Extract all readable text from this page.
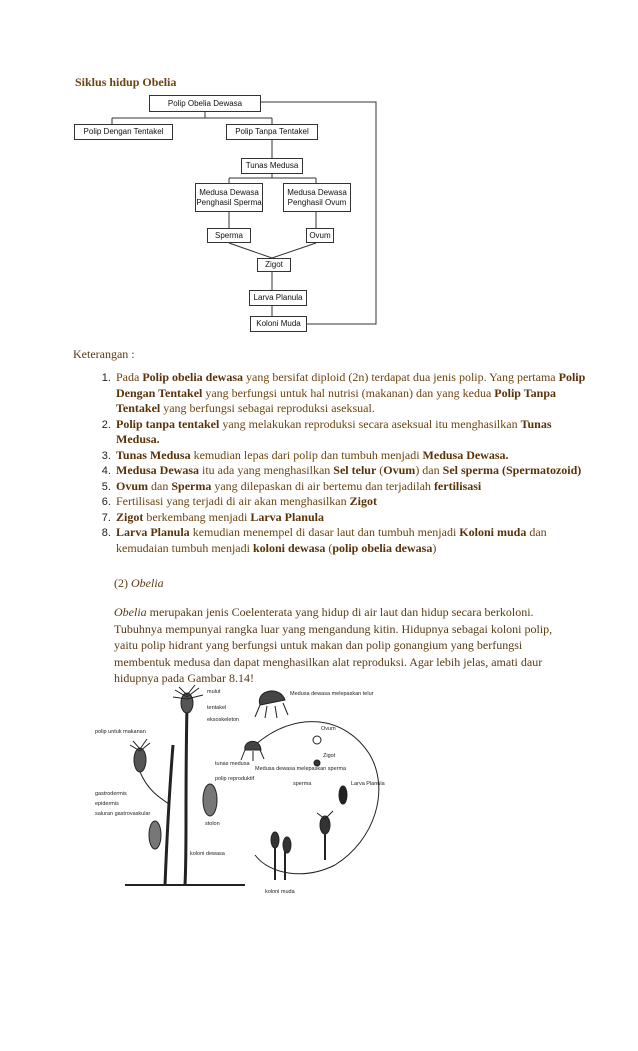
Siklus hidup Obelia
Polip Obelia Dewasa
Polip Dengan Tentakel	Polip Tanpa Tentakel
Tunas Medusa
Medusa Dewasa Penghasil Sperma
Medusa Dewasa Penghasil Ovum
Sperma	Ovum
Zigot
Larva Planula
Koloni Muda
Keterangan :
1. Pada Polip obelia dewasa yang bersifat diploid (2n) terdapat dua jenis polip. Yang pertama Polip Dengan Tentakel yang berfungsi untuk hal nutrisi (makanan) dan yang kedua Polip Tanpa Tentakel yang berfungsi sebagai reproduksi aseksual.
2. Polip tanpa tentakel yang melakukan reproduksi secara aseksual itu menghasilkan Tunas Medusa.
3. Tunas Medusa kemudian lepas dari polip dan tumbuh menjadi Medusa Dewasa.
4. Medusa Dewasa itu ada yang menghasilkan Sel telur (Ovum) dan Sel sperma (Spermatozoid)
5. Ovum dan Sperma yang dilepaskan di air bertemu dan terjadilah fertilisasi
6. Fertilisasi yang terjadi di air akan menghasilkan Zigot
7. Zigot berkembang menjadi Larva Planula
8. Larva Planula kemudian menempel di dasar laut dan tumbuh menjadi Koloni muda dan kemudaian tumbuh menjadi koloni dewasa (polip obelia dewasa)
(2) Obelia
Obelia merupakan jenis Coelenterata yang hidup di air laut dan hidup secara berkoloni. Tubuhnya mempunyai rangka luar yang mengandung kitin. Hidupnya sebagai koloni polip, yaitu polip hidrant yang berfungsi untuk makan dan polip gonangium yang berfungsi membentuk medusa dan dapat menghasilkan alat reproduksi. Agar lebih jelas, amati daur hidupnya pada Gambar 8.14!
mulut
tentakel
eksoskeleton
polip untuk makanan
tunas medusa
polip reproduktif
gastrodermis
epidermis
saluran gastrovaskular
stolon
koloni dewasa
Medusa dewasa melepaskan telur
Medusa dewasa melepaskan sperma
Ovum
sperma
Zigot
Larva Planula
koloni muda
